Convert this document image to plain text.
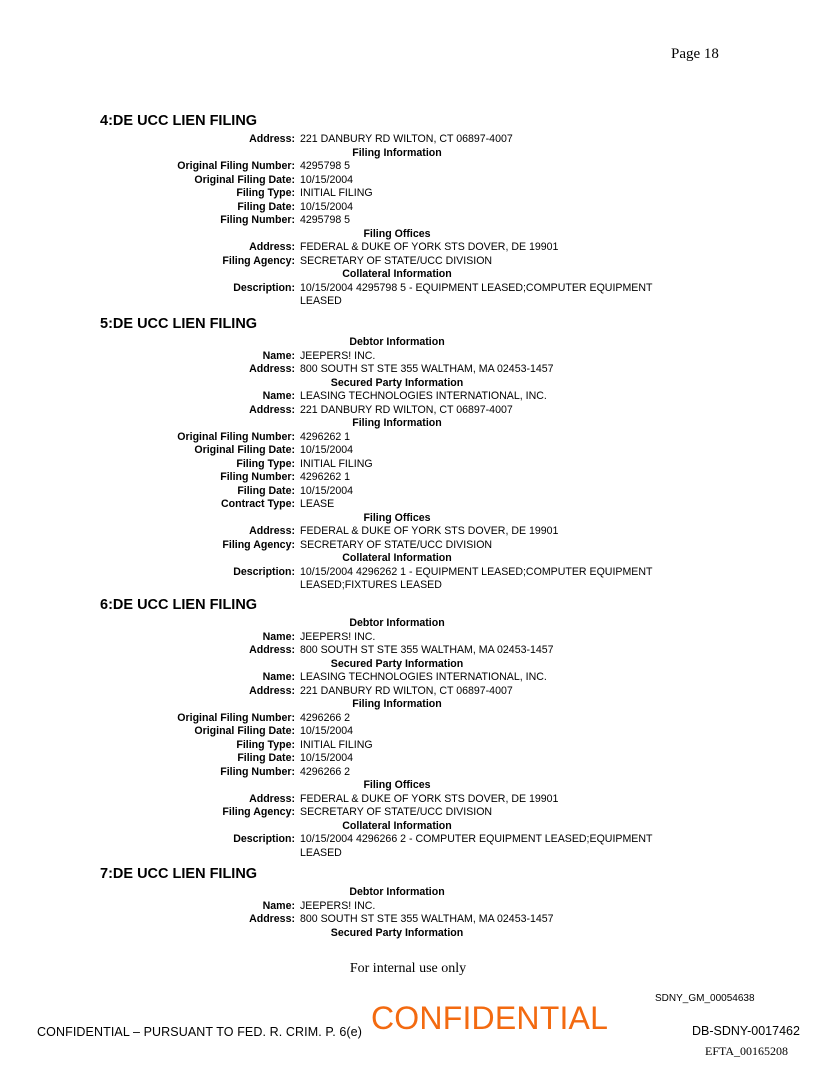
Page 18
4:DE UCC LIEN FILING
Address: 221 DANBURY RD WILTON, CT 06897-4007
Filing Information
Original Filing Number: 4295798 5
Original Filing Date: 10/15/2004
Filing Type: INITIAL FILING
Filing Date: 10/15/2004
Filing Number: 4295798 5
Filing Offices
Address: FEDERAL & DUKE OF YORK STS DOVER, DE 19901
Filing Agency: SECRETARY OF STATE/UCC DIVISION
Collateral Information
Description: 10/15/2004 4295798 5 - EQUIPMENT LEASED;COMPUTER EQUIPMENT
LEASED
5:DE UCC LIEN FILING
Debtor Information
Name: JEEPERS! INC.
Address: 800 SOUTH ST STE 355 WALTHAM, MA 02453-1457
Secured Party Information
Name: LEASING TECHNOLOGIES INTERNATIONAL, INC.
Address: 221 DANBURY RD WILTON, CT 06897-4007
Filing Information
Original Filing Number: 4296262 1
Original Filing Date: 10/15/2004
Filing Type: INITIAL FILING
Filing Number: 4296262 1
Filing Date: 10/15/2004
Contract Type: LEASE
Filing Offices
Address: FEDERAL & DUKE OF YORK STS DOVER, DE 19901
Filing Agency: SECRETARY OF STATE/UCC DIVISION
Collateral Information
Description: 10/15/2004 4296262 1 - EQUIPMENT LEASED;COMPUTER EQUIPMENT
LEASED;FIXTURES LEASED
6:DE UCC LIEN FILING
Debtor Information
Name: JEEPERS! INC.
Address: 800 SOUTH ST STE 355 WALTHAM, MA 02453-1457
Secured Party Information
Name: LEASING TECHNOLOGIES INTERNATIONAL, INC.
Address: 221 DANBURY RD WILTON, CT 06897-4007
Filing Information
Original Filing Number: 4296266 2
Original Filing Date: 10/15/2004
Filing Type: INITIAL FILING
Filing Date: 10/15/2004
Filing Number: 4296266 2
Filing Offices
Address: FEDERAL & DUKE OF YORK STS DOVER, DE 19901
Filing Agency: SECRETARY OF STATE/UCC DIVISION
Collateral Information
Description: 10/15/2004 4296266 2 - COMPUTER EQUIPMENT LEASED;EQUIPMENT
LEASED
7:DE UCC LIEN FILING
Debtor Information
Name: JEEPERS! INC.
Address: 800 SOUTH ST STE 355 WALTHAM, MA 02453-1457
Secured Party Information
For internal use only
SDNY_GM_00054638
CONFIDENTIAL – PURSUANT TO FED. R. CRIM. P. 6(e) CONFIDENTIAL	DB-SDNY-0017462
EFTA_00165208
